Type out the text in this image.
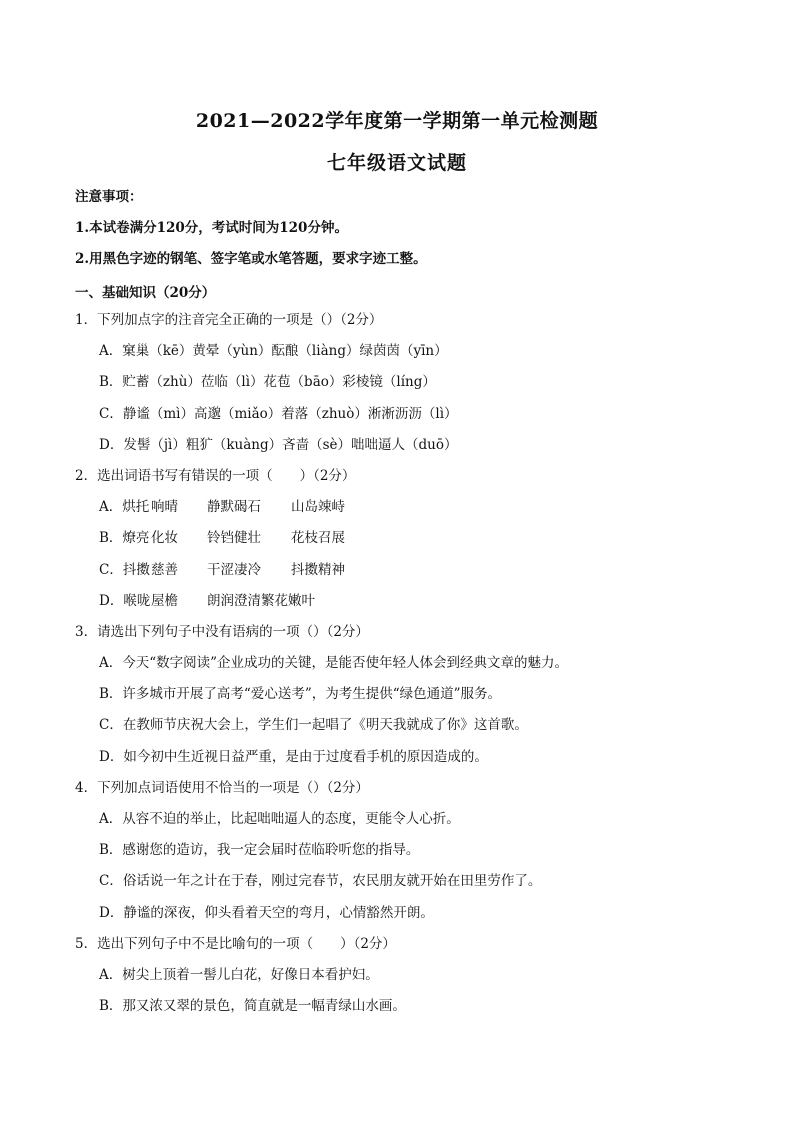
2021—2022学年度第一学期第一单元检测题
七年级语文试题
注意事项：
1.本试卷满分120分，考试时间为120分钟。
2.用黑色字迹的钢笔、签字笔或水笔答题，要求字迹工整。
一、基础知识（20分）
1．下列加点字的注音完全正确的一项是（）（2分）
A．窠巢（kē）黄晕（yùn）酝酿（liàng）绿茵茵（yīn）
B．贮蓄（zhù）莅临（lì）花苞（bāo）彩棱镜（líng）
C．静谧（mì）高邈（miǎo）着落（zhuò）淅淅沥沥（lì）
D．发髻（jì）粗犷（kuàng）吝啬（sè）咄咄逼人（duō）
2．选出词语书写有错误的一项（　　）（2分）
A．烘托 响晴 静默碣石 山岛竦峙
B．燎亮 化妆 铃铛健壮 花枝召展
C．抖擞慈善 干涩凄冷 抖擞精神
D．喉咙屋檐 朗润澄清繁花嫩叶
3．请选出下列句子中没有语病的一项（）（2分）
A．今天“数字阅读”企业成功的关键，是能否使年轻人体会到经典文章的魅力。
B．许多城市开展了高考“爱心送考”，为考生提供“绿色通道”服务。
C．在教师节庆祝大会上，学生们一起唱了《明天我就成了你》这首歌。
D．如今初中生近视日益严重，是由于过度看手机的原因造成的。
4．下列加点词语使用不恰当的一项是（）（2分）
A．从容不迫的举止，比起咄咄逼人的态度，更能令人心折。
B．感谢您的造访，我一定会届时莅临聆听您的指导。
C．俗话说一年之计在于春，刚过完春节，农民朋友就开始在田里劳作了。
D．静谧的深夜，仰头看着天空的弯月，心情豁然开朗。
5．选出下列句子中不是比喻句的一项（　　）（2分）
A．树尖上顶着一髻儿白花，好像日本看护妇。
B．那又浓又翠的景色，简直就是一幅青绿山水画。
